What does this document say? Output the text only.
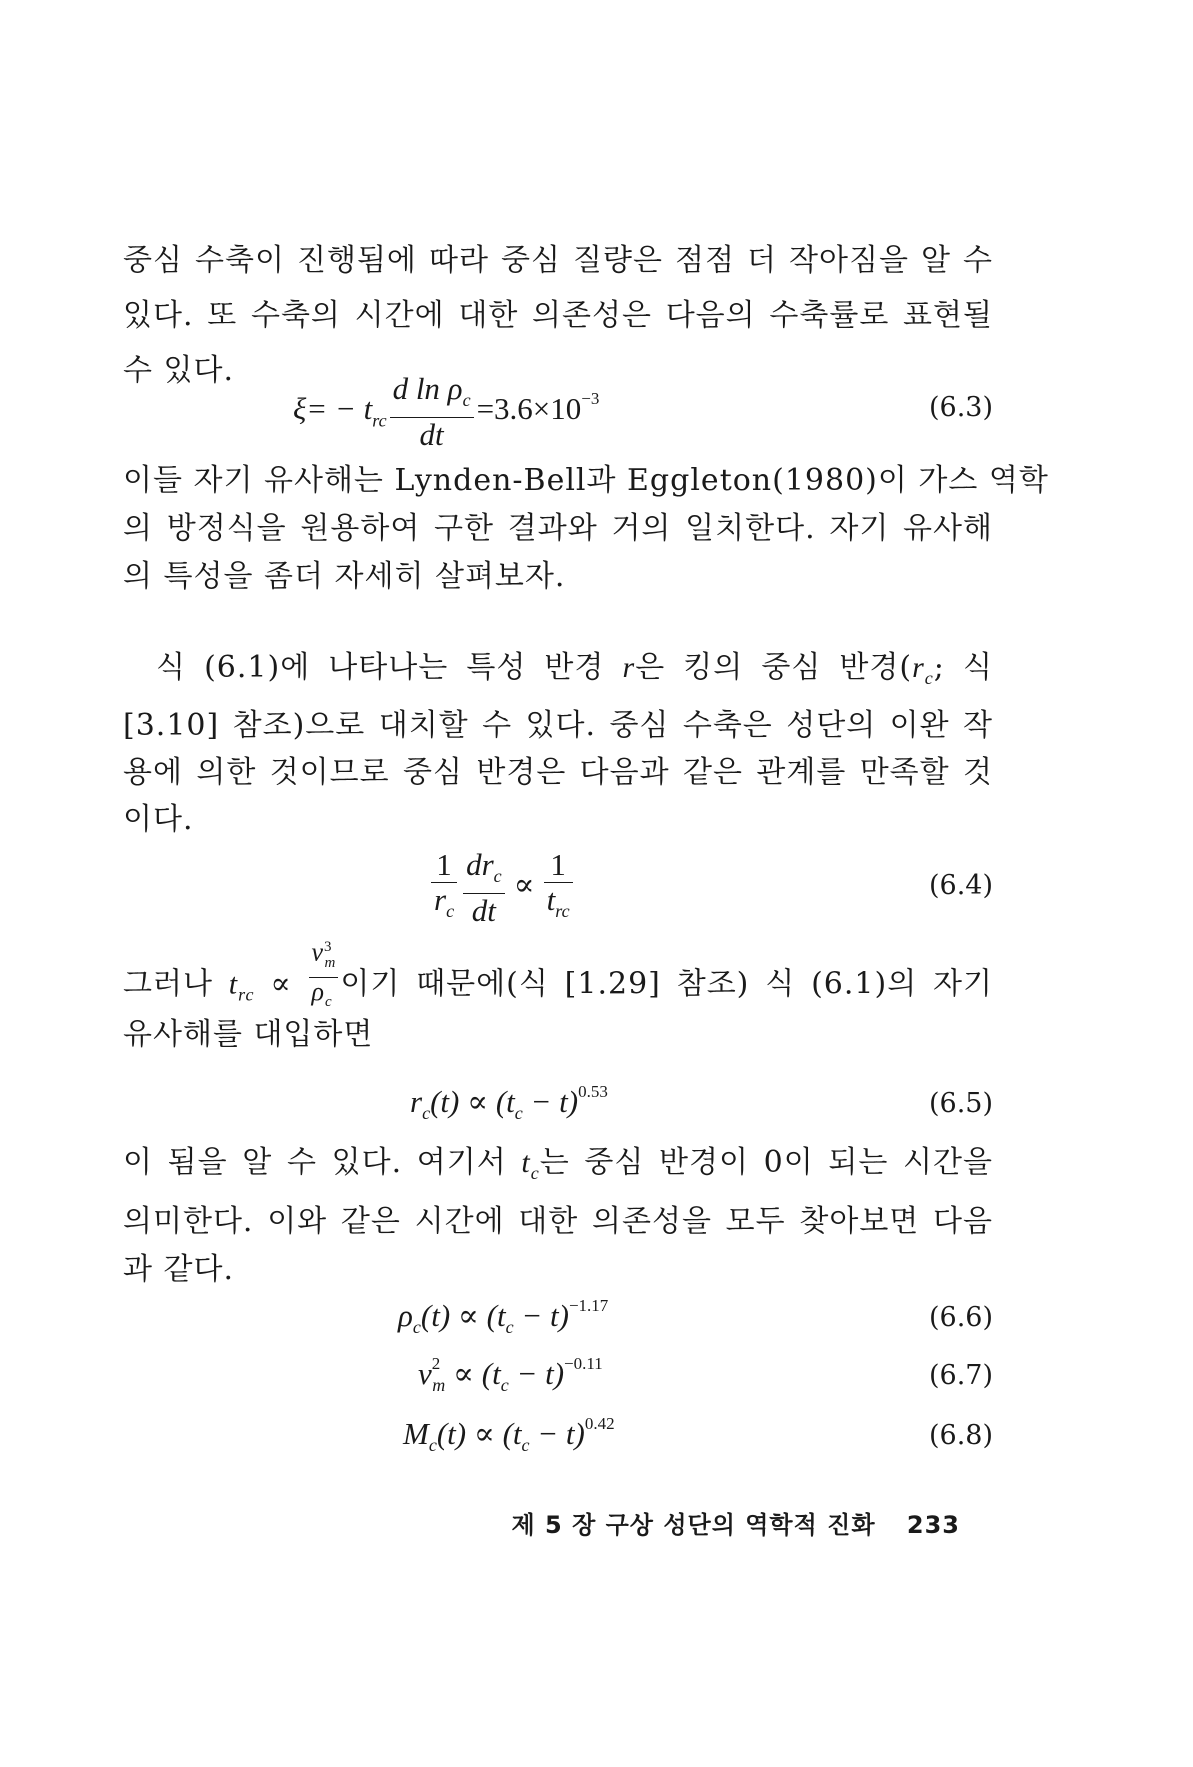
중심 수축이 진행됨에 따라 중심 질량은 점점 더 작아짐을 알 수
있다. 또 수축의 시간에 대한 의존성은 다음의 수축률로 표현될
수 있다.
$\xi= - t_{rc} \frac{d \ln \rho_c}{dt} =3.6\times 10^{-3}$	(6.3)
이들 자기 유사해는 Lynden-Bell과 Eggleton(1980)이 가스 역학
의 방정식을 원용하여 구한 결과와 거의 일치한다. 자기 유사해
의 특성을 좀더 자세히 살펴보자.
식 (6.1)에 나타나는 특성 반경 r은 킹의 중심 반경($r_c$; 식
[3.10] 참조)으로 대치할 수 있다. 중심 수축은 성단의 이완 작
용에 의한 것이므로 중심 반경은 다음과 같은 관계를 만족할 것
이다.
$\frac{1}{r_c} \frac{dr_c}{dt} \propto \frac{1}{t_{rc}}$	(6.4)
그러나 $t_{rc} \propto \frac{v^3_m}{\rho_c}$ 이기 때문에(식 [1.29] 참조) 식 (6.1)의 자기
유사해를 대입하면
$r_c(t) \propto (t_c - t)^{0.53}$	(6.5)
이 됨을 알 수 있다. 여기서 $t_c$는 중심 반경이 0이 되는 시간을
의미한다. 이와 같은 시간에 대한 의존성을 모두 찾아보면 다음
과 같다.
$\rho_c(t) \propto (t_c - t)^{-1.17}$	(6.6)
$v^2_m \propto (t_c - t)^{-0.11}$	(6.7)
$M_c(t) \propto (t_c - t)^{0.42}$	(6.8)
제 5 장 구상 성단의 역학적 진화 233
